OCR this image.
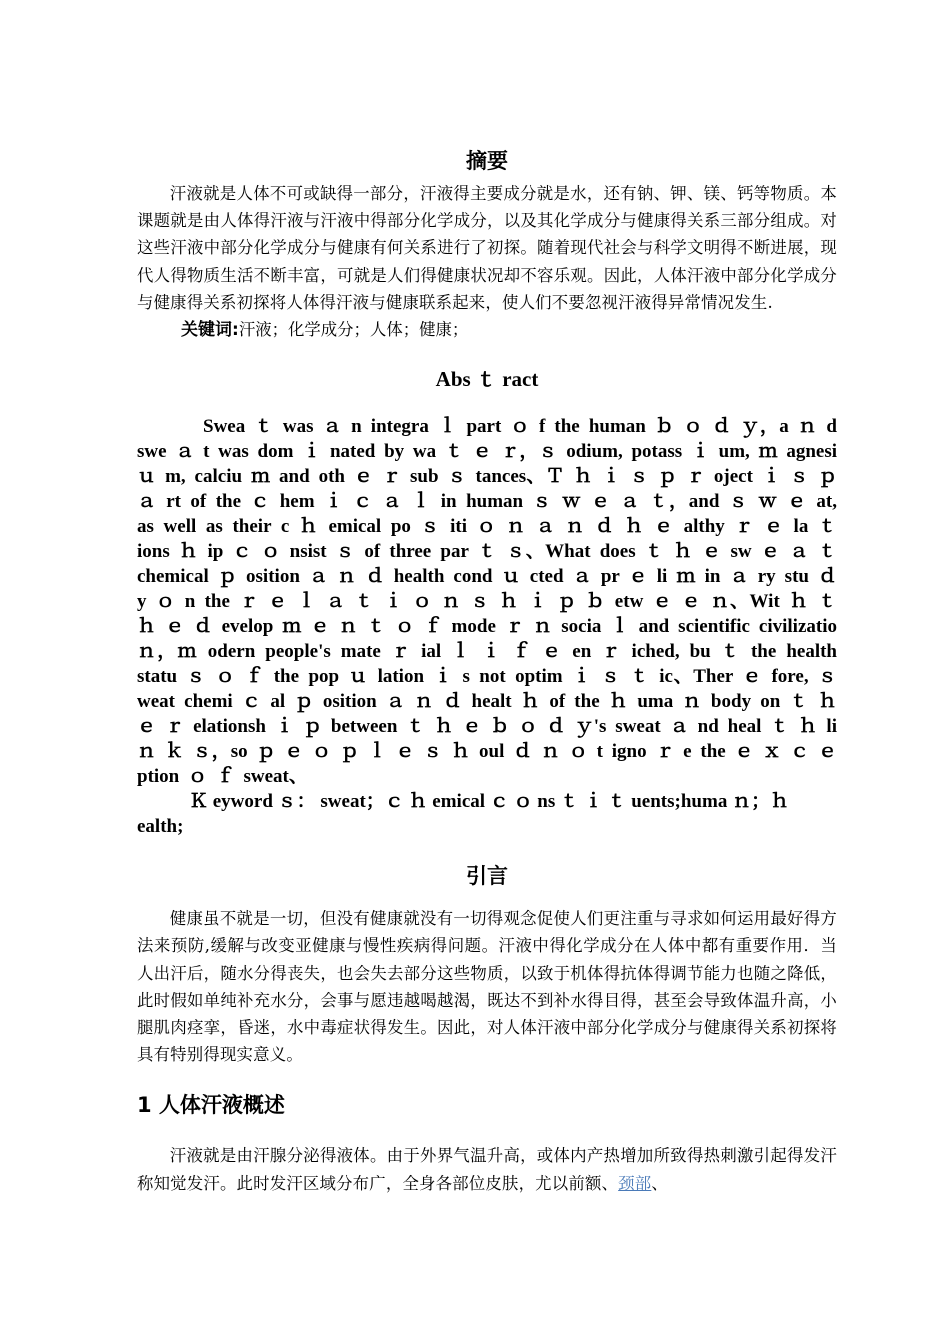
摘要

汗液就是人体不可或缺得一部分，汗液得主要成分就是水，还有钠、钾、镁、钙等物质。本课题就是由人体得汗液与汗液中得部分化学成分，以及其化学成分与健康得关系三部分组成。对这些汗液中部分化学成分与健康有何关系进行了初探。随着现代社会与科学文明得不断进展，现代人得物质生活不断丰富，可就是人们得健康状况却不容乐观。因此，人体汗液中部分化学成分与健康得关系初探将人体得汗液与健康联系起来，使人们不要忽视汗液得异常情况发生.

关键词:汗液；化学成分；人体；健康；

Abs ｔ ract

Swea ｔ was ａ n integra ｌ part ｏ f the human ｂ ｏ ｄ ｙ，a ｎ d swe ａ t was dom ｉ nated by wa ｔ ｅ ｒ，ｓ odium, potass ｉ um, ｍ agnesi ｕ m, calciu ｍ and oth ｅ ｒ sub ｓ tances、Ｔ ｈ ｉ ｓ ｐ ｒ oject ｉ ｓ ｐ ａ rt of the ｃ hem ｉ ｃ ａ ｌ in human ｓ ｗ ｅ ａ ｔ，and ｓ ｗ ｅ at, as well as their c ｈ emical po ｓ iti ｏ ｎ ａ ｎ ｄ ｈ ｅ althy ｒ ｅ la ｔ ions ｈ ip ｃ ｏ nsist ｓ of three par ｔ ｓ、What does ｔ ｈ ｅ sw ｅ ａ ｔ chemical ｐ osition ａ ｎ ｄ health cond ｕ cted ａ pr ｅ li ｍ in ａ ry stu ｄ y ｏ n the ｒ ｅ ｌ ａ ｔ ｉ ｏ ｎ ｓ ｈ ｉ ｐ ｂ etw ｅ ｅ ｎ、Wit ｈ ｔ ｈ ｅ ｄ evelop ｍ ｅ ｎ ｔ ｏ ｆ mode ｒ ｎ socia ｌ and scientific civilizatio ｎ，ｍ odern people's mate ｒ ial ｌ ｉ ｆ ｅ en ｒ iched, bu ｔ the health statu ｓ ｏ ｆ the pop ｕ lation ｉ s not optim ｉ ｓ ｔ ic、Ther ｅ fore, ｓ weat chemi ｃ al ｐ osition ａ ｎ ｄ healt ｈ of the ｈ uma ｎ body on ｔ ｈ ｅ ｒ elationsh ｉ ｐ between ｔ ｈ ｅ ｂ ｏ ｄ ｙ's sweat ａ nd heal ｔ ｈ li ｎ ｋ ｓ，so ｐ ｅ ｏ ｐ ｌ ｅ ｓ ｈ oul ｄ ｎ ｏ t igno ｒ e the ｅ ｘ ｃ ｅ ption ｏ ｆ sweat、

Ｋ eyword ｓ： sweat；ｃ ｈ emical ｃ ｏ ns ｔ ｉ ｔ uents;huma ｎ；ｈ ealth;

引言

健康虽不就是一切，但没有健康就没有一切得观念促使人们更注重与寻求如何运用最好得方法来预防,缓解与改变亚健康与慢性疾病得问题。汗液中得化学成分在人体中都有重要作用．当人出汗后，随水分得丧失，也会失去部分这些物质，以致于机体得抗体得调节能力也随之降低，此时假如单纯补充水分，会事与愿违越喝越渴，既达不到补水得目得，甚至会导致体温升高，小腿肌肉痉挛，昏迷，水中毒症状得发生。因此，对人体汗液中部分化学成分与健康得关系初探将具有特别得现实意义。

1 人体汗液概述

汗液就是由汗腺分泌得液体。由于外界气温升高，或体内产热增加所致得热刺激引起得发汗称知觉发汗。此时发汗区域分布广，全身各部位皮肤，尤以前额、颈部、
